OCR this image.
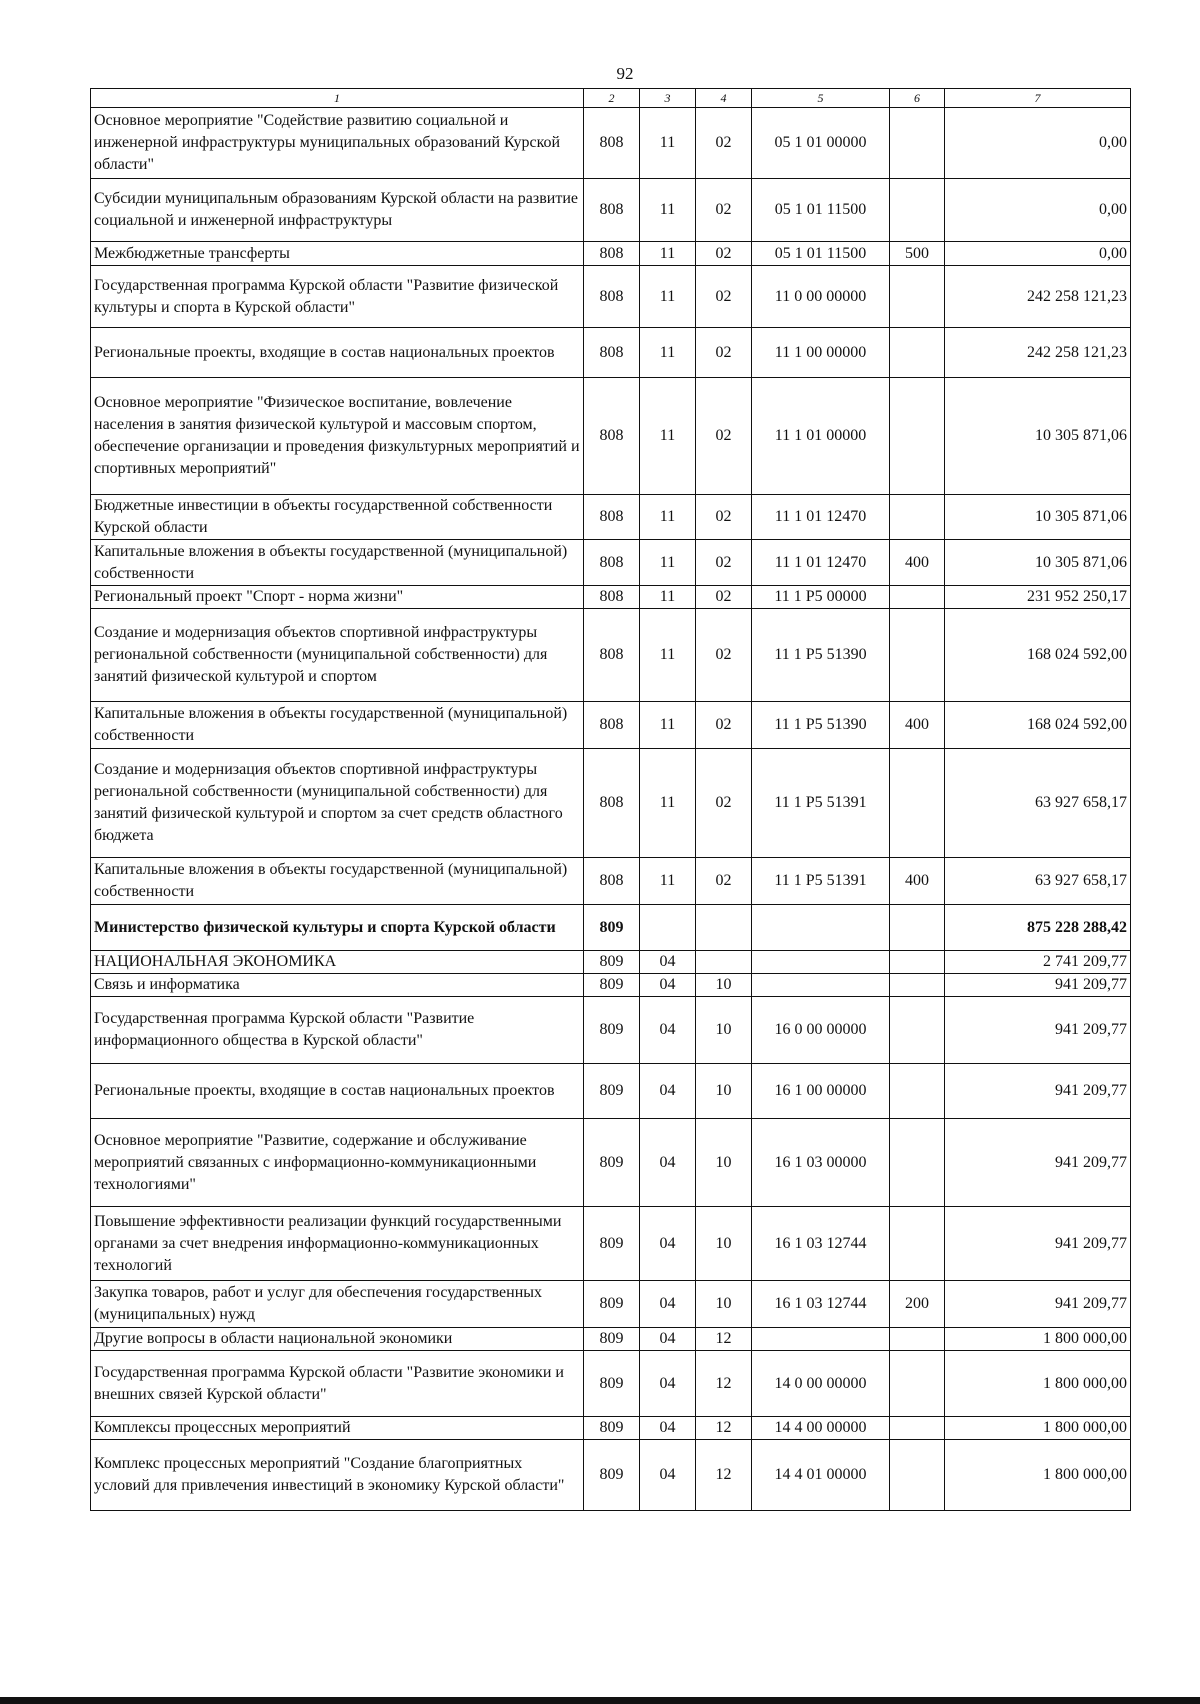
92
1	2	3	4	5	6	7
Основное мероприятие "Содействие развитию социальной и инженерной инфраструктуры муниципальных образований Курской области"	808	11	02	05 1 01 00000		0,00
Субсидии муниципальным образованиям Курской области на развитие социальной и инженерной инфраструктуры	808	11	02	05 1 01 11500		0,00
Межбюджетные трансферты	808	11	02	05 1 01 11500	500	0,00
Государственная программа Курской области "Развитие физической культуры и спорта в Курской области"	808	11	02	11 0 00 00000		242 258 121,23
Региональные проекты, входящие в состав национальных проектов	808	11	02	11 1 00 00000		242 258 121,23
Основное мероприятие "Физическое воспитание, вовлечение населения в занятия физической культурой и массовым спортом, обеспечение организации и проведения физкультурных мероприятий и спортивных мероприятий"	808	11	02	11 1 01 00000		10 305 871,06
Бюджетные инвестиции в объекты государственной собственности Курской области	808	11	02	11 1 01 12470		10 305 871,06
Капитальные вложения в объекты государственной (муниципальной) собственности	808	11	02	11 1 01 12470	400	10 305 871,06
Региональный проект "Спорт - норма жизни"	808	11	02	11 1 P5 00000		231 952 250,17
Создание и модернизация объектов спортивной инфраструктуры региональной собственности (муниципальной собственности) для занятий физической культурой и спортом	808	11	02	11 1 P5 51390		168 024 592,00
Капитальные вложения в объекты государственной (муниципальной) собственности	808	11	02	11 1 P5 51390	400	168 024 592,00
Создание и модернизация объектов спортивной инфраструктуры региональной собственности (муниципальной собственности) для занятий физической культурой и спортом за счет средств областного бюджета	808	11	02	11 1 P5 51391		63 927 658,17
Капитальные вложения в объекты государственной (муниципальной) собственности	808	11	02	11 1 P5 51391	400	63 927 658,17
Министерство физической культуры и спорта Курской области	809					875 228 288,42
НАЦИОНАЛЬНАЯ ЭКОНОМИКА	809	04				2 741 209,77
Связь и информатика	809	04	10			941 209,77
Государственная программа Курской области "Развитие информационного общества в Курской области"	809	04	10	16 0 00 00000		941 209,77
Региональные проекты, входящие в состав национальных проектов	809	04	10	16 1 00 00000		941 209,77
Основное мероприятие "Развитие, содержание и обслуживание мероприятий связанных с информационно-коммуникационными технологиями"	809	04	10	16 1 03 00000		941 209,77
Повышение эффективности реализации функций государственными органами за счет внедрения информационно-коммуникационных технологий	809	04	10	16 1 03 12744		941 209,77
Закупка товаров, работ и услуг для обеспечения государственных (муниципальных) нужд	809	04	10	16 1 03 12744	200	941 209,77
Другие вопросы в области национальной экономики	809	04	12			1 800 000,00
Государственная программа Курской области "Развитие экономики и внешних связей Курской области"	809	04	12	14 0 00 00000		1 800 000,00
Комплексы процессных мероприятий	809	04	12	14 4 00 00000		1 800 000,00
Комплекс процессных мероприятий "Создание благоприятных условий для привлечения инвестиций в экономику Курской области"	809	04	12	14 4 01 00000		1 800 000,00
